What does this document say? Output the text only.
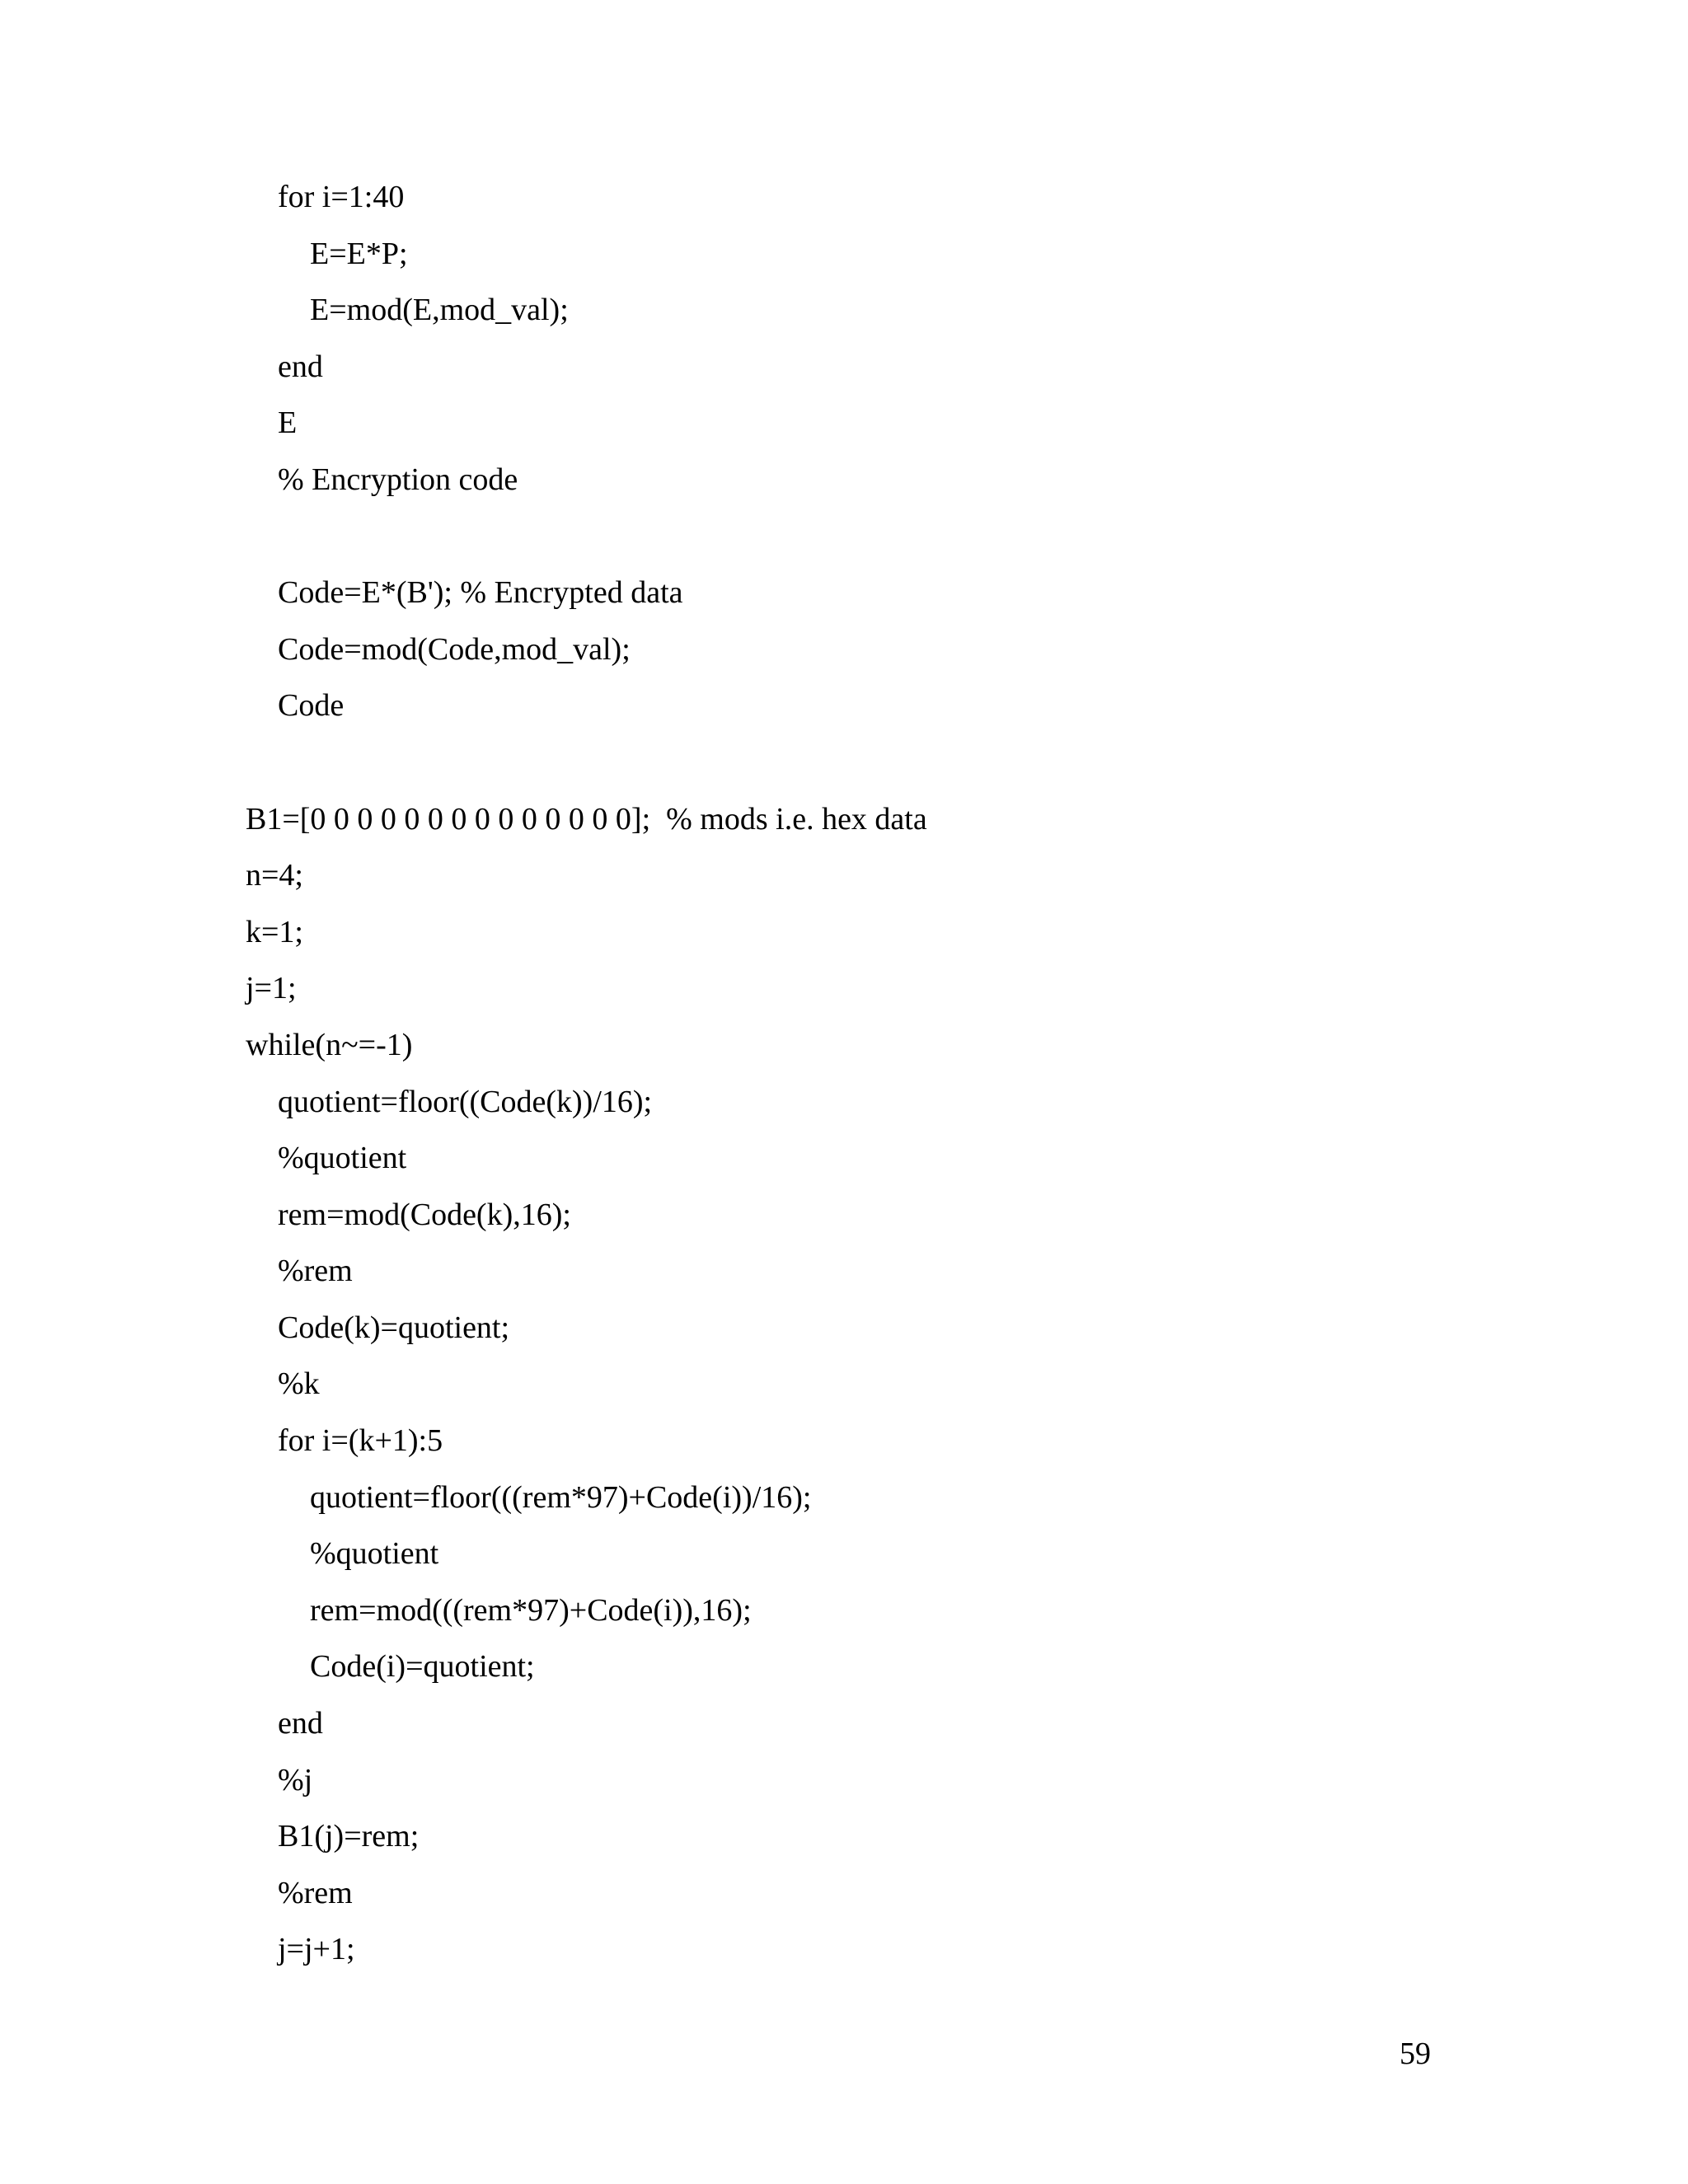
for i=1:40
E=E*P;
E=mod(E,mod_val);
end
E
% Encryption code
Code=E*(B'); % Encrypted data
Code=mod(Code,mod_val);
Code
B1=[0 0 0 0 0 0 0 0 0 0 0 0 0 0];  % mods i.e. hex data
n=4;
k=1;
j=1;
while(n~=-1)
quotient=floor((Code(k))/16);
%quotient
rem=mod(Code(k),16);
%rem
Code(k)=quotient;
%k
for i=(k+1):5
quotient=floor(((rem*97)+Code(i))/16);
%quotient
rem=mod(((rem*97)+Code(i)),16);
Code(i)=quotient;
end
%j
B1(j)=rem;
%rem
j=j+1;
59
